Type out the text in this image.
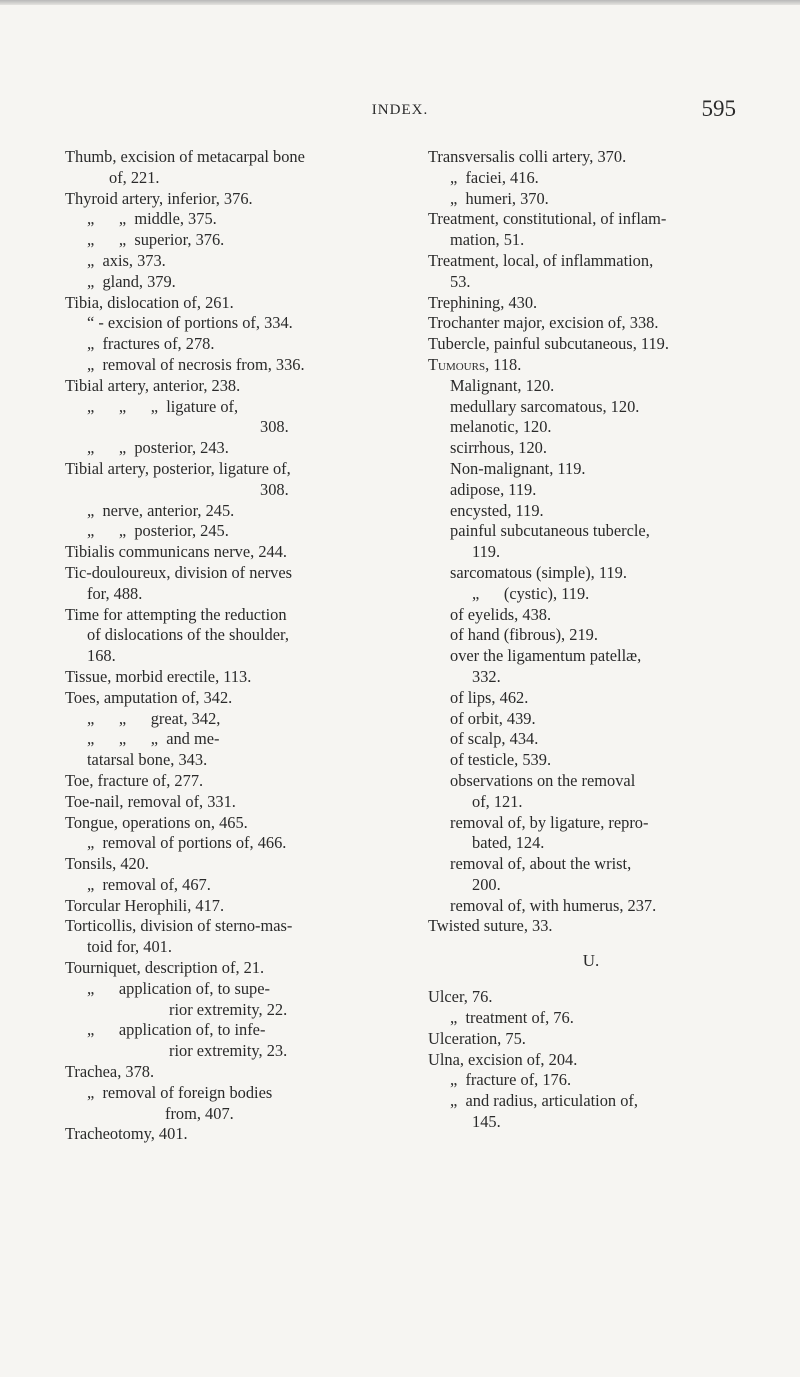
INDEX.	595
Thumb, excision of metacarpal bone
of, 221.
Thyroid artery, inferior, 376.
„      „  middle, 375.
„      „  superior, 376.
„  axis, 373.
„  gland, 379.
Tibia, dislocation of, 261.
“ - excision of portions of, 334.
„  fractures of, 278.
„  removal of necrosis from, 336.
Tibial artery, anterior, 238.
„      „      „  ligature of,
308.
„      „  posterior, 243.
Tibial artery, posterior, ligature of,
308.
„  nerve, anterior, 245.
„      „  posterior, 245.
Tibialis communicans nerve, 244.
Tic-douloureux, division of nerves
for, 488.
Time for attempting the reduction
of dislocations of the shoulder,
168.
Tissue, morbid erectile, 113.
Toes, amputation of, 342.
„      „      great, 342,
„      „      „  and me-
tatarsal bone, 343.
Toe, fracture of, 277.
Toe-nail, removal of, 331.
Tongue, operations on, 465.
„  removal of portions of, 466.
Tonsils, 420.
„  removal of, 467.
Torcular Herophili, 417.
Torticollis, division of sterno-mas-
toid for, 401.
Tourniquet, description of, 21.
„      application of, to supe-
rior extremity, 22.
„      application of, to infe-
rior extremity, 23.
Trachea, 378.
„  removal of foreign bodies
from, 407.
Tracheotomy, 401.
Transversalis colli artery, 370.
„  faciei, 416.
„  humeri, 370.
Treatment, constitutional, of inflam-
mation, 51.
Treatment, local, of inflammation,
53.
Trephining, 430.
Trochanter major, excision of, 338.
Tubercle, painful subcutaneous, 119.
Tumours, 118.
Malignant, 120.
medullary sarcomatous, 120.
melanotic, 120.
scirrhous, 120.
Non-malignant, 119.
adipose, 119.
encysted, 119.
painful subcutaneous tubercle,
119.
sarcomatous (simple), 119.
„      (cystic), 119.
of eyelids, 438.
of hand (fibrous), 219.
over the ligamentum patellæ,
332.
of lips, 462.
of orbit, 439.
of scalp, 434.
of testicle, 539.
observations on the removal
of, 121.
removal of, by ligature, repro-
bated, 124.
removal of, about the wrist,
200.
removal of, with humerus, 237.
Twisted suture, 33.
U.
Ulcer, 76.
„  treatment of, 76.
Ulceration, 75.
Ulna, excision of, 204.
„  fracture of, 176.
„  and radius, articulation of,
145.
